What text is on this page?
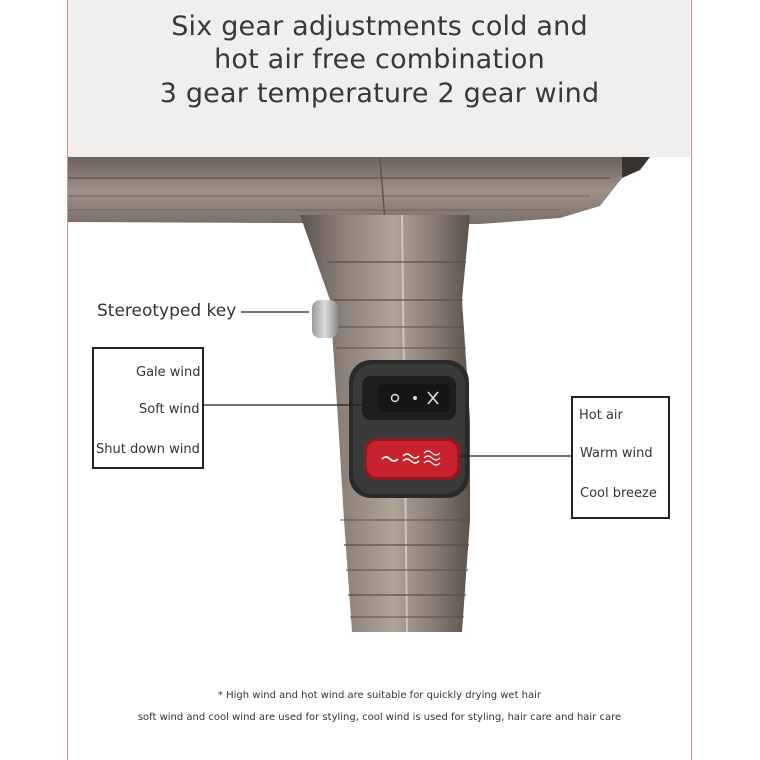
Six gear adjustments cold and
hot air free combination
3 gear temperature 2 gear wind
Stereotyped key
Gale wind
Soft wind
Shut down wind
Hot air
Warm wind
Cool breeze
* High wind and hot wind are suitable for quickly drying wet hair
soft wind and cool wind are used for styling, cool wind is used for styling, hair care and hair care
